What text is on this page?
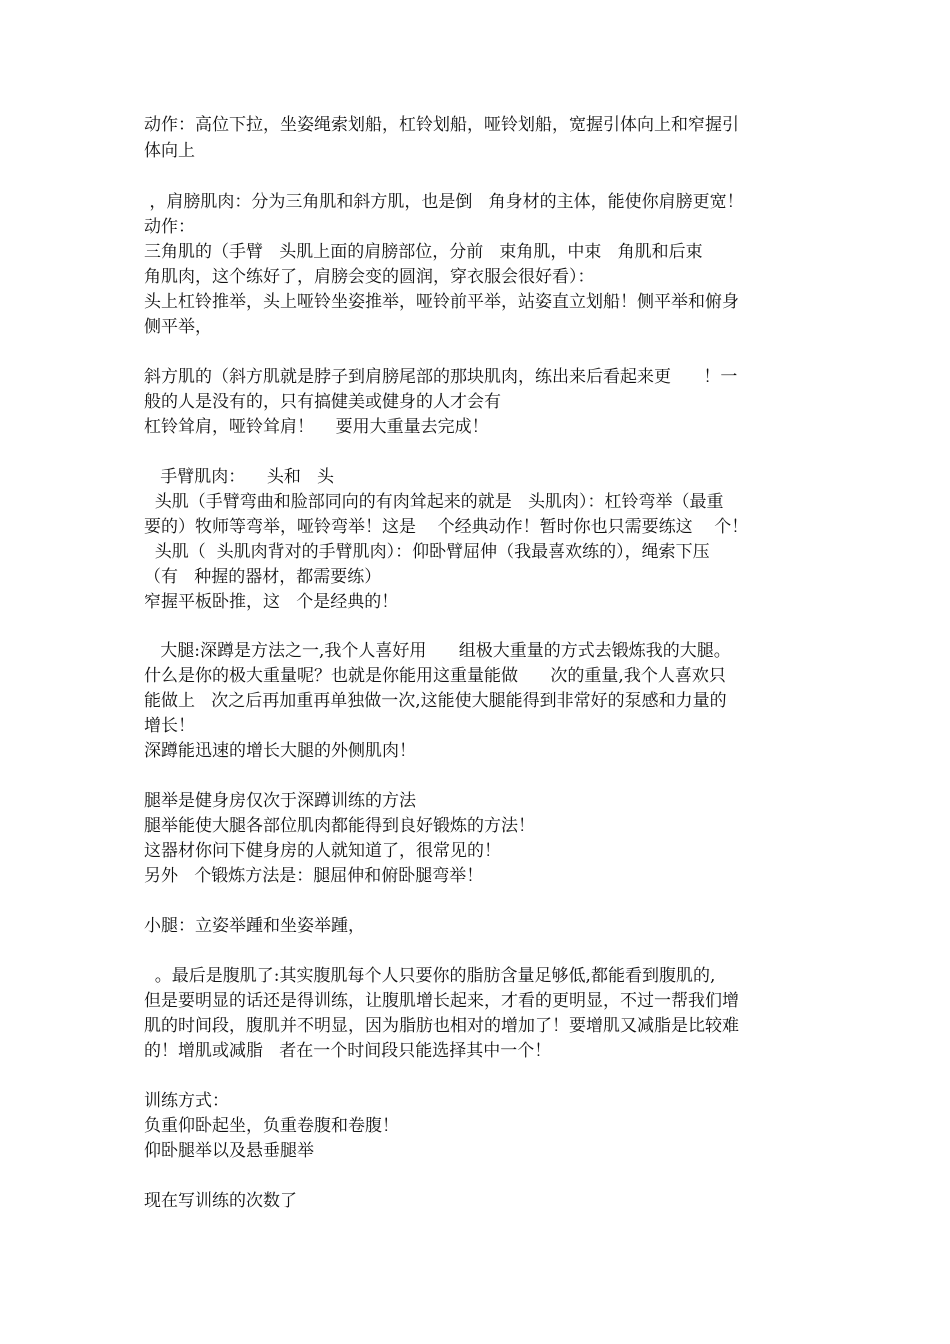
动作：高位下拉，坐姿绳索划船，杠铃划船，哑铃划船，宽握引体向上和窄握引
体向上
，肩膀肌肉：分为三角肌和斜方肌，也是倒   角身材的主体，能使你肩膀更宽！
动作：
三角肌的（手臂   头肌上面的肩膀部位，分前   束角肌，中束   角肌和后束
角肌肉，这个练好了，肩膀会变的圆润，穿衣服会很好看）：
头上杠铃推举，头上哑铃坐姿推举，哑铃前平举，站姿直立划船！侧平举和俯身
侧平举，
斜方肌的（斜方肌就是脖子到肩膀尾部的那块肌肉，练出来后看起来更      ！一
般的人是没有的，只有搞健美或健身的人才会有
杠铃耸肩，哑铃耸肩！    要用大重量去完成！
手臂肌肉：    头和   头
头肌（手臂弯曲和脸部同向的有肉耸起来的就是   头肌肉）：杠铃弯举（最重
要的）牧师等弯举，哑铃弯举！这是    个经典动作！暂时你也只需要练这    个！
头肌（  头肌肉背对的手臂肌肉）：仰卧臂屈伸（我最喜欢练的），绳索下压
（有   种握的器材，都需要练）
窄握平板卧推，这   个是经典的！
大腿:深蹲是方法之一,我个人喜好用      组极大重量的方式去锻炼我的大腿。
什么是你的极大重量呢？也就是你能用这重量能做      次的重量,我个人喜欢只
能做上   次之后再加重再单独做一次,这能使大腿能得到非常好的泵感和力量的
增长！
深蹲能迅速的增长大腿的外侧肌肉！
腿举是健身房仅次于深蹲训练的方法
腿举能使大腿各部位肌肉都能得到良好锻炼的方法！
这器材你问下健身房的人就知道了，很常见的！
另外   个锻炼方法是：腿屈伸和俯卧腿弯举！
小腿：立姿举踵和坐姿举踵，
。最后是腹肌了:其实腹肌每个人只要你的脂肪含量足够低,都能看到腹肌的,
但是要明显的话还是得训练，让腹肌增长起来，才看的更明显，不过一帮我们增
肌的时间段，腹肌并不明显，因为脂肪也相对的增加了！要增肌又减脂是比较难
的！增肌或减脂   者在一个时间段只能选择其中一个！
训练方式：
负重仰卧起坐，负重卷腹和卷腹！
仰卧腿举以及悬垂腿举
现在写训练的次数了
